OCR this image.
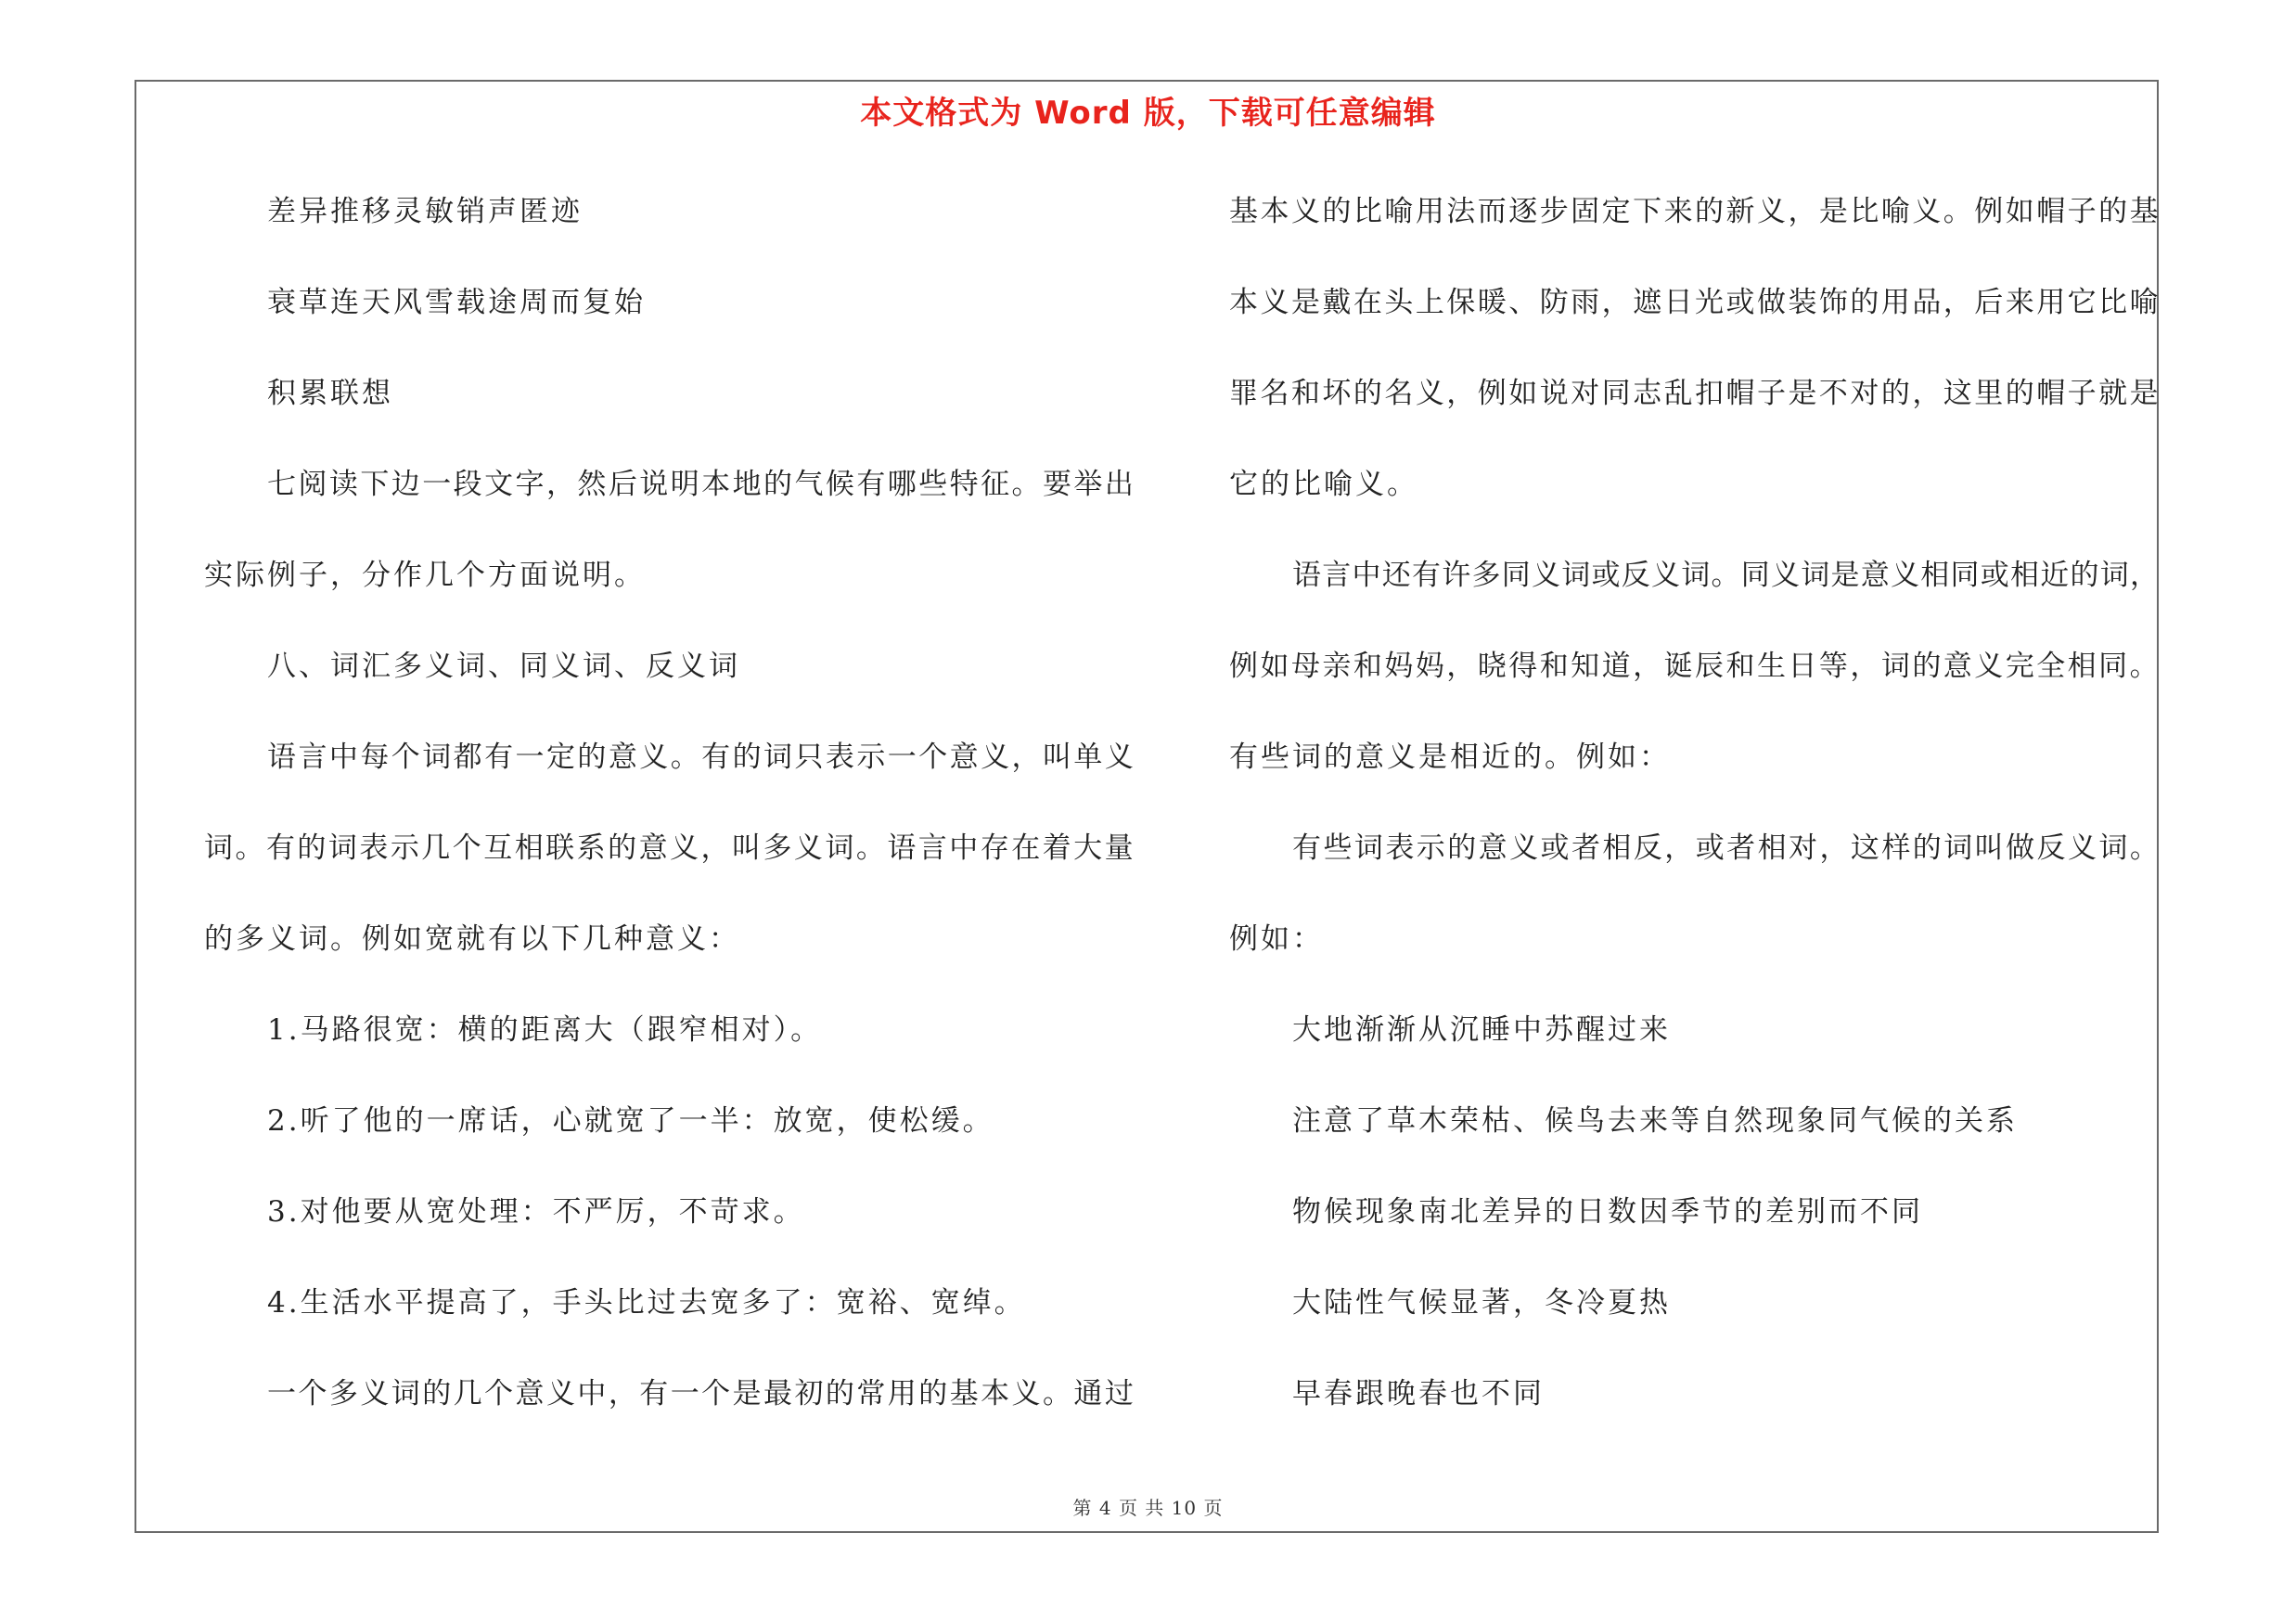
本文格式为 Word 版，下载可任意编辑
差异推移灵敏销声匿迹
衰草连天风雪载途周而复始
积累联想
七 阅 读 下 边 一 段 文 字 ， 然 后 说 明 本 地 的 气 候 有 哪 些 特 征 。 要 举 出
实际例子，分作几个方面说明。
八、词汇多义词、同义词、反义词
语 言 中 每 个 词 都 有 一 定 的 意 义 。 有 的 词 只 表 示 一 个 意 义 ， 叫 单 义
词 。 有 的 词 表 示 几 个 互 相 联 系 的 意 义 ， 叫 多 义 词 。 语 言 中 存 在 着 大 量
的多义词。例如宽就有以下几种意义：
1.马路很宽：横的距离大（跟窄相对）。
2.听了他的一席话，心就宽了一半：放宽，使松缓。
3.对他要从宽处理：不严厉，不苛求。
4.生活水平提高了，手头比过去宽多了：宽裕、宽绰。
一 个 多 义 词 的 几 个 意 义 中 ， 有 一 个 是 最 初 的 常 用 的 基 本 义 。 通 过
基 本 义 的 比 喻 用 法 而 逐 步 固 定 下 来 的 新 义 ， 是 比 喻 义 。 例 如 帽 子 的 基
本 义 是 戴 在 头 上 保 暖 、 防 雨 ， 遮 日 光 或 做 装 饰 的 用 品 ， 后 来 用 它 比 喻
罪 名 和 坏 的 名 义 ， 例 如 说 对 同 志 乱 扣 帽 子 是 不 对 的 ， 这 里 的 帽 子 就 是
它的比喻义。
语 言 中 还 有 许 多 同 义 词 或 反 义 词 。 同 义 词 是 意 义 相 同 或 相 近 的 词 ，
例 如 母 亲 和 妈 妈 ， 晓 得 和 知 道 ， 诞 辰 和 生 日 等 ， 词 的 意 义 完 全 相 同 。
有些词的意义是相近的。例如：
有 些 词 表 示 的 意 义 或 者 相 反 ， 或 者 相 对 ， 这 样 的 词 叫 做 反 义 词 。
例如：
大地渐渐从沉睡中苏醒过来
注意了草木荣枯、候鸟去来等自然现象同气候的关系
物候现象南北差异的日数因季节的差别而不同
大陆性气候显著，冬冷夏热
早春跟晚春也不同
第 4 页 共 10 页
